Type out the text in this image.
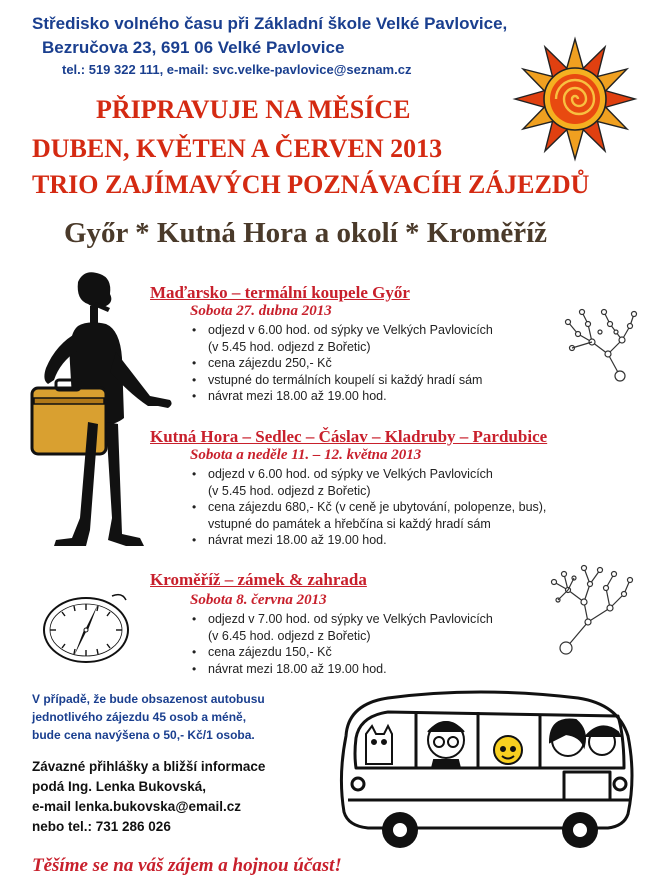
Středisko volného času při Základní škole Velké Pavlovice,
Bezručova 23, 691 06 Velké Pavlovice
tel.: 519 322 111, e-mail: svc.velke-pavlovice@seznam.cz
PŘIPRAVUJE NA MĚSÍCE
DUBEN, KVĚTEN A ČERVEN 2013
TRIO ZAJÍMAVÝCH POZNÁVACÍH ZÁJEZDŮ
Győr * Kutná Hora a okolí * Kroměříž
Maďarsko – termální koupele Győr
Sobota 27. dubna 2013
• odjezd v 6.00 hod. od sýpky ve Velkých Pavlovicích
(v 5.45 hod. odjezd z Bořetic)
• cena zájezdu 250,- Kč
• vstupné do termálních koupelí si každý hradí sám
• návrat mezi 18.00 až 19.00 hod.
Kutná Hora – Sedlec – Čáslav – Kladruby – Pardubice
Sobota a neděle 11. – 12. května 2013
• odjezd v 6.00 hod. od sýpky ve Velkých Pavlovicích
(v 5.45 hod. odjezd z Bořetic)
• cena zájezdu 680,- Kč (v ceně je ubytování, polopenze, bus),
vstupné do památek a hřebčína si každý hradí sám
• návrat mezi 18.00 až 19.00 hod.
Kroměříž – zámek & zahrada
Sobota 8. června 2013
• odjezd v 7.00 hod. od sýpky ve Velkých Pavlovicích
(v 6.45 hod. odjezd z Bořetic)
• cena zájezdu 150,- Kč
• návrat mezi 18.00 až 19.00 hod.
V případě, že bude obsazenost autobusu
jednotlivého zájezdu 45 osob a méně,
bude cena navýšena o 50,- Kč/1 osoba.
Závazné přihlášky a bližší informace
podá Ing. Lenka Bukovská,
e-mail lenka.bukovska@email.cz
nebo tel.: 731 286 026
Těšíme se na váš zájem a hojnou účast!
